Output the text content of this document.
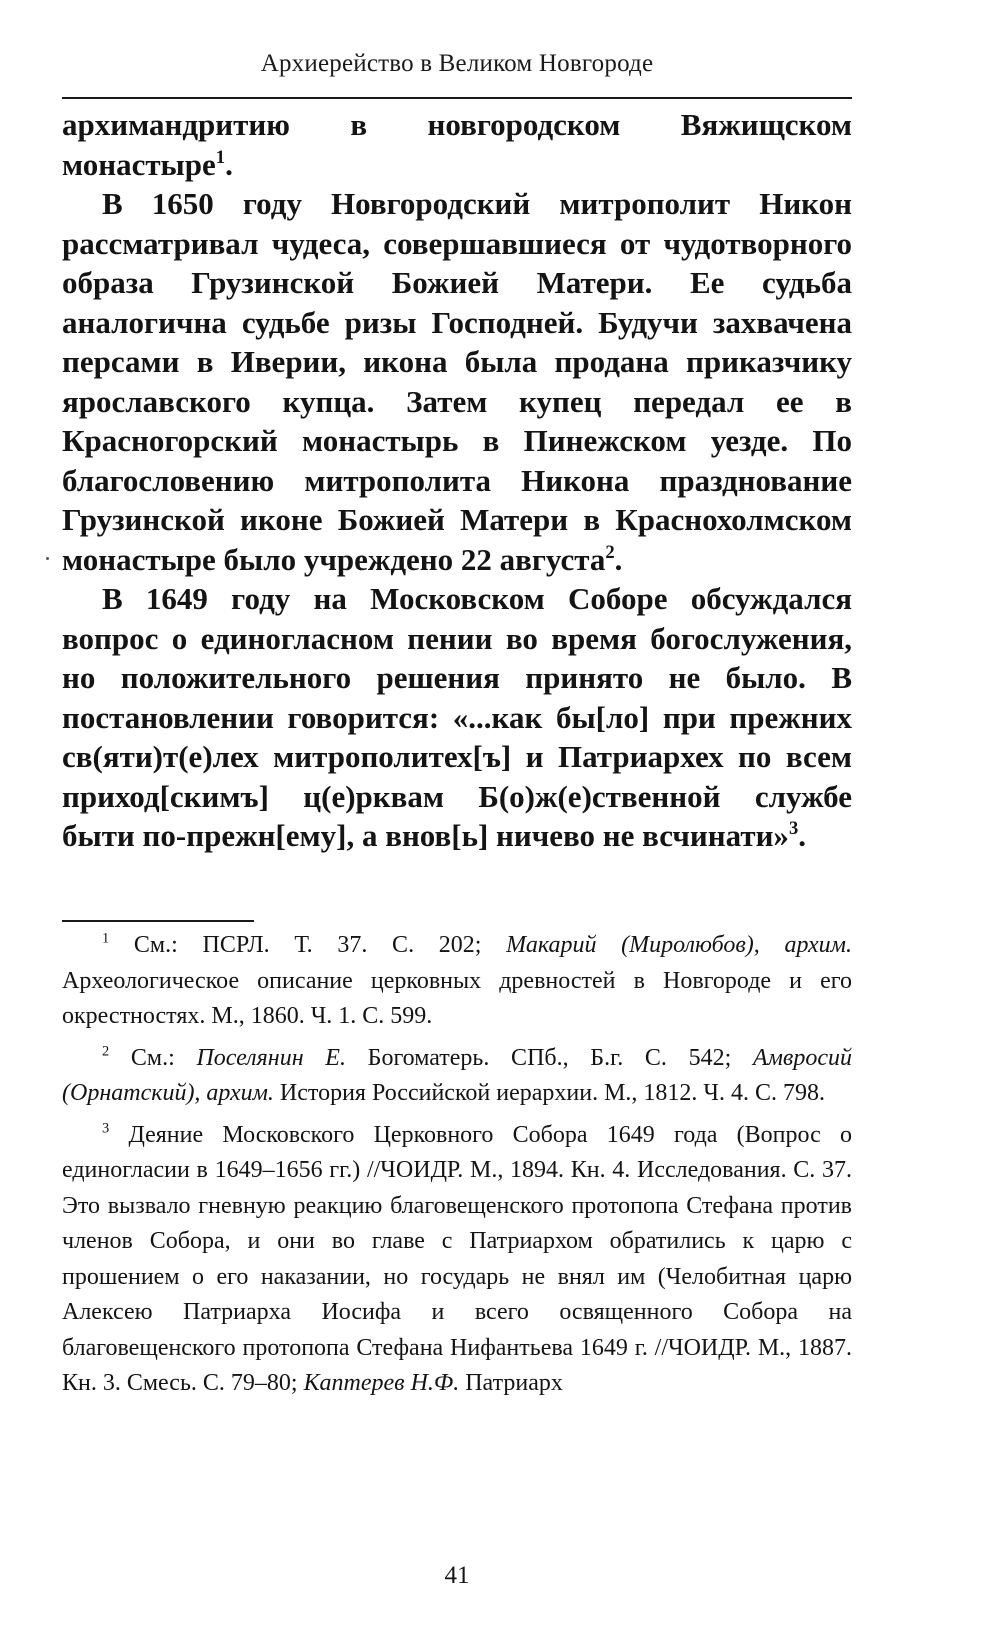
Архиерейство в Великом Новгороде

архимандритию в новгородском Вяжищском монастыре$^1$.

В 1650 году Новгородский митрополит Никон рассматривал чудеса, совершавшиеся от чудотворного образа Грузинской Божией Матери. Ее судьба аналогична судьбе ризы Господней. Будучи захвачена персами в Иверии, икона была продана приказчику ярославского купца. Затем купец передал ее в Красногорский монастырь в Пинежском уезде. По благословению митрополита Никона празднование Грузинской иконе Божией Матери в Краснохолмском монастыре было учреждено 22 августа$^2$.

В 1649 году на Московском Соборе обсуждался вопрос о единогласном пении во время богослужения, но положительного решения принято не было. В постановлении говорится: «...как бы[ло] при прежних св(яти)т(е)лех митрополитех[ъ] и Патриархех по всем приход[скимъ] ц(е)рквам Б(о)ж(е)ственной службе быти по-прежн[ему], а внов[ь] ничево не всчинати»$^3$.

$^1$ См.: ПСРЛ. Т. 37. С. 202; Макарий (Миролюбов), архим. Археологическое описание церковных древностей в Новгороде и его окрестностях. М., 1860. Ч. 1. С. 599.

$^2$ См.: Поселянин Е. Богоматерь. СПб., Б.г. С. 542; Амвросий (Орнатский), архим. История Российской иерархии. М., 1812. Ч. 4. С. 798.

$^3$ Деяние Московского Церковного Собора 1649 года (Вопрос о единогласии в 1649–1656 гг.) //ЧОИДР. М., 1894. Кн. 4. Исследования. С. 37. Это вызвало гневную реакцию благовещенского протопопа Стефана против членов Собора, и они во главе с Патриархом обратились к царю с прошением о его наказании, но государь не внял им (Челобитная царю Алексею Патриарха Иосифа и всего освященного Собора на благовещенского протопопа Стефана Нифантьева 1649 г. //ЧОИДР. М., 1887. Кн. 3. Смесь. С. 79–80; Каптерев Н.Ф. Патриарх

41
